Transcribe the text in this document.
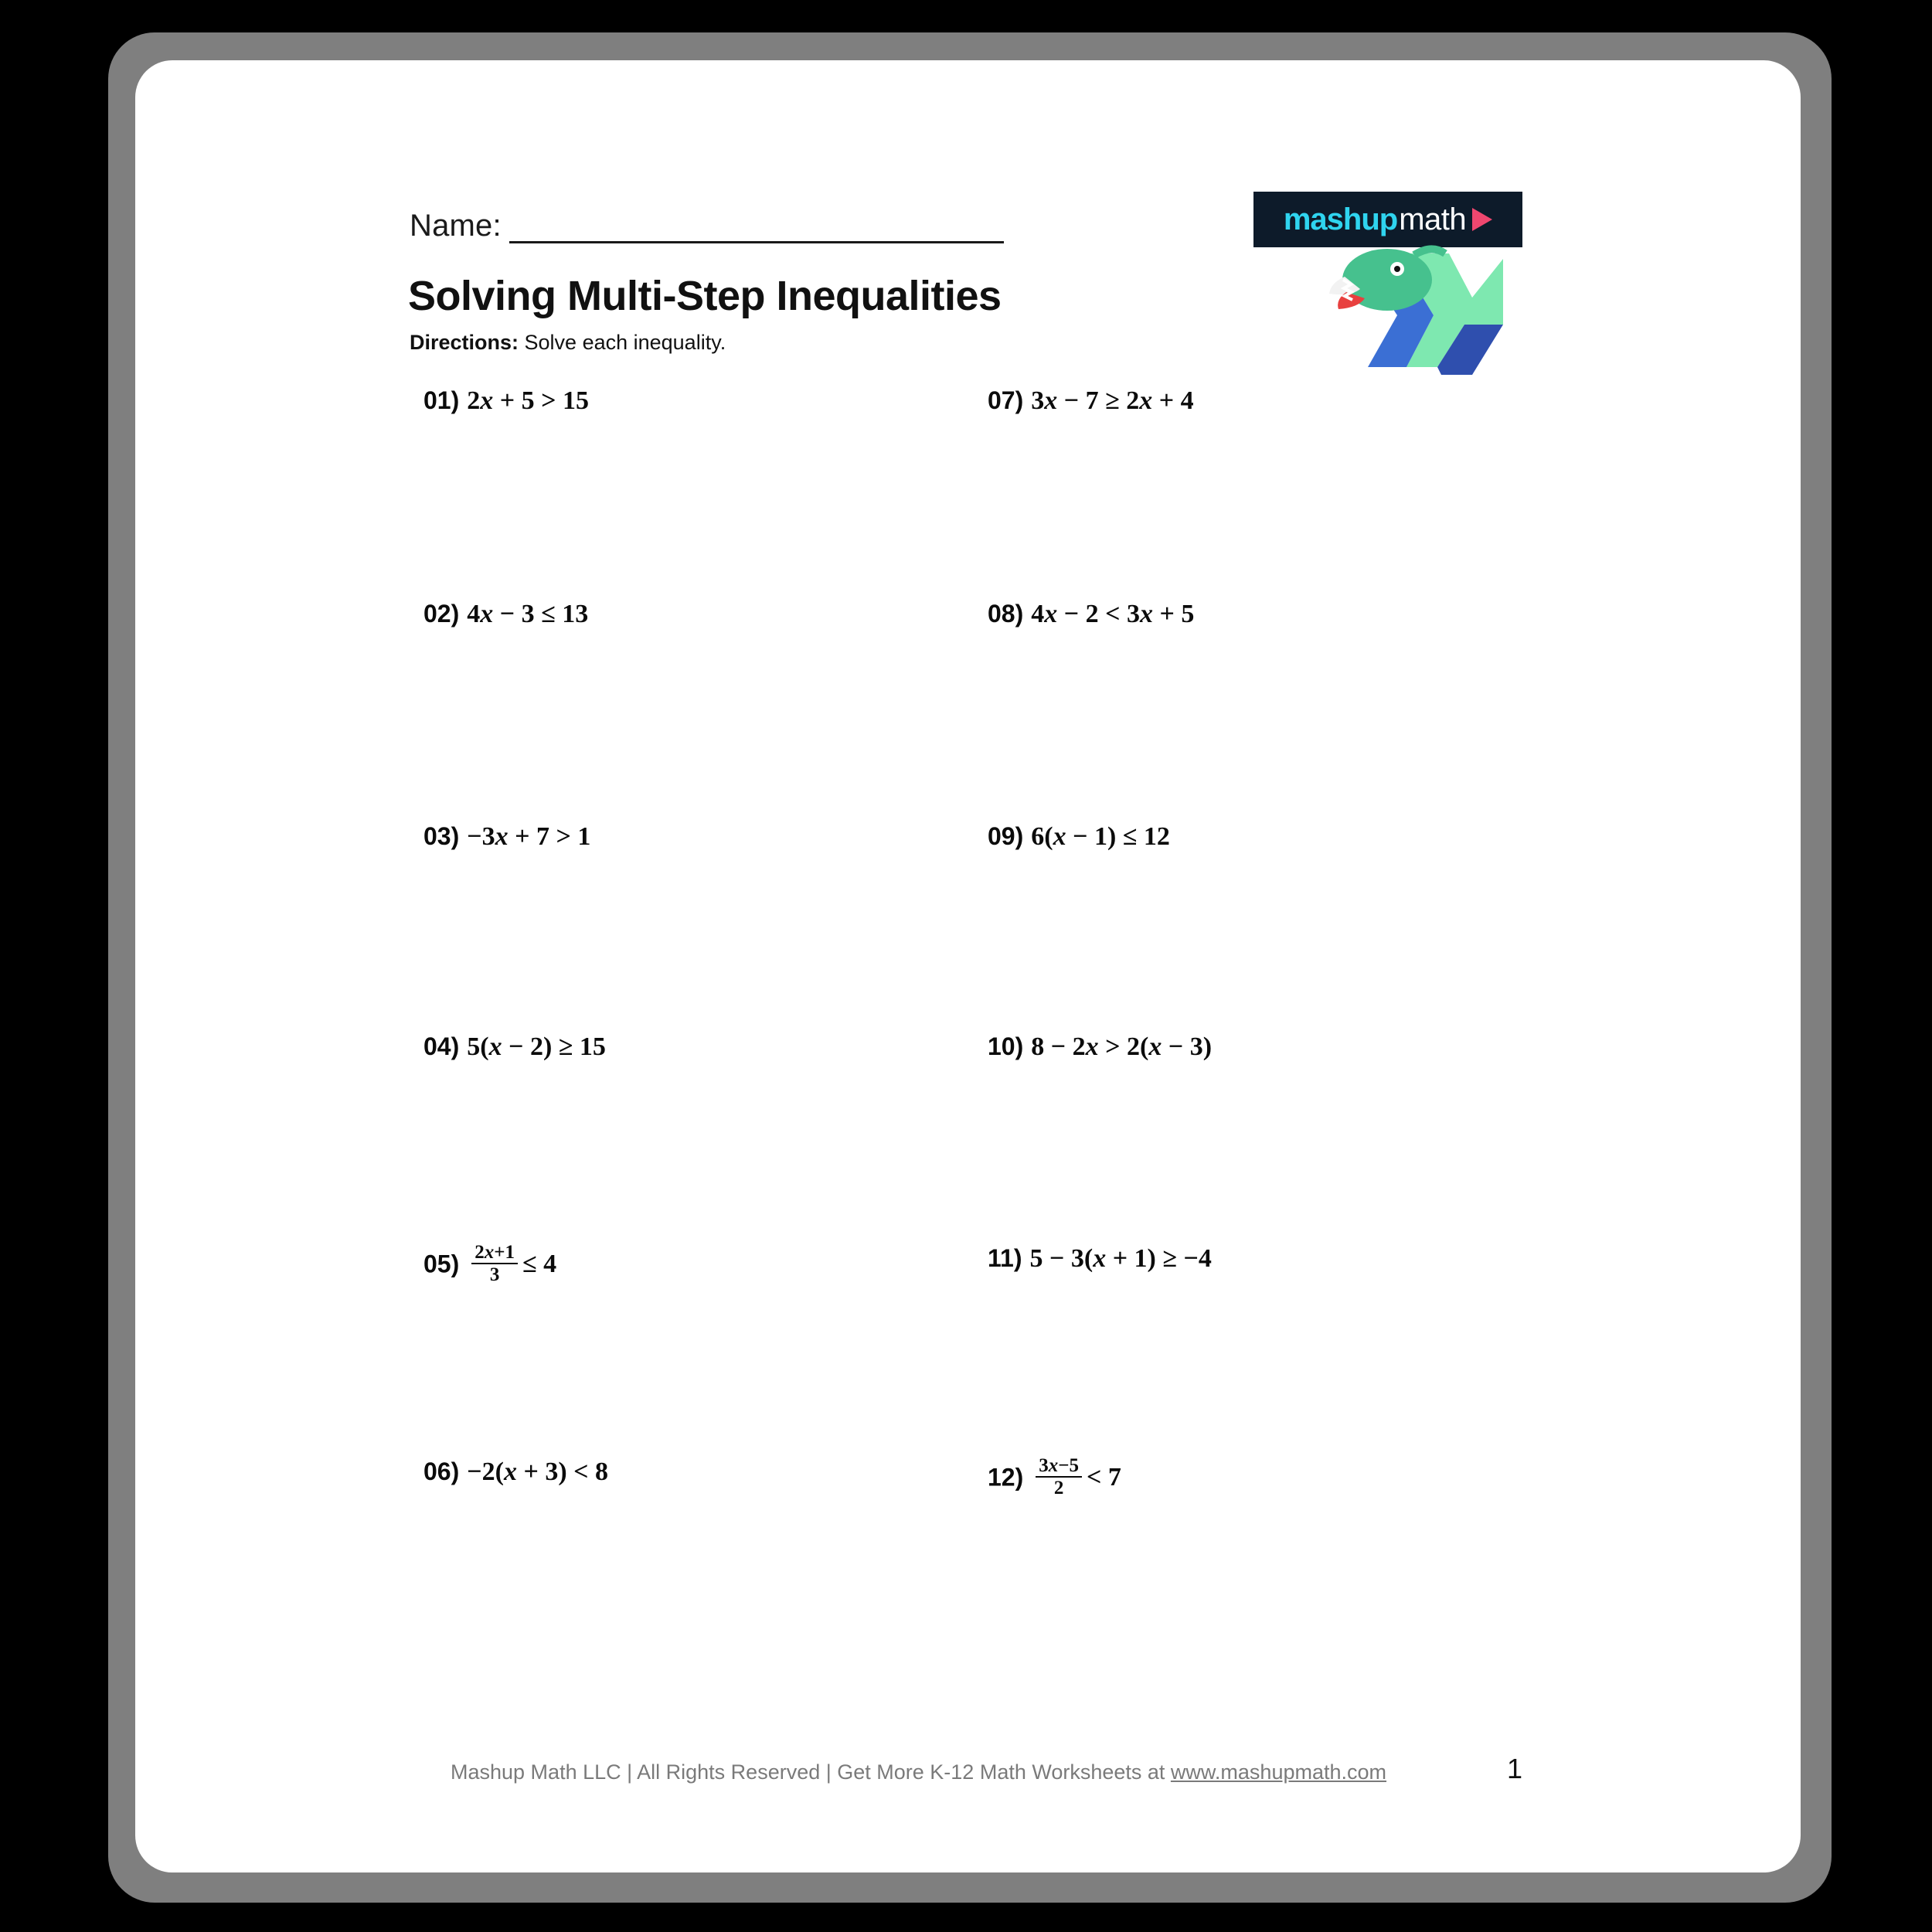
Name:
Solving Multi-Step Inequalities
Directions: Solve each inequality.
mashup math
01) 2x + 5 > 15
02) 4x − 3 ≤ 13
03) −3x + 7 > 1
04) 5(x − 2) ≥ 15
$05) \frac{2x+1}{3} \le 4$
06) −2(x + 3) < 8
07) 3x − 7 ≥ 2x + 4
08) 4x − 2 < 3x + 5
09) 6(x − 1) ≤ 12
10) 8 − 2x > 2(x − 3)
11) 5 − 3(x + 1) ≥ −4
$12) \frac{3x-5}{2} < 7$
Mashup Math LLC | All Rights Reserved | Get More K-12 Math Worksheets at www.mashupmath.com	1
